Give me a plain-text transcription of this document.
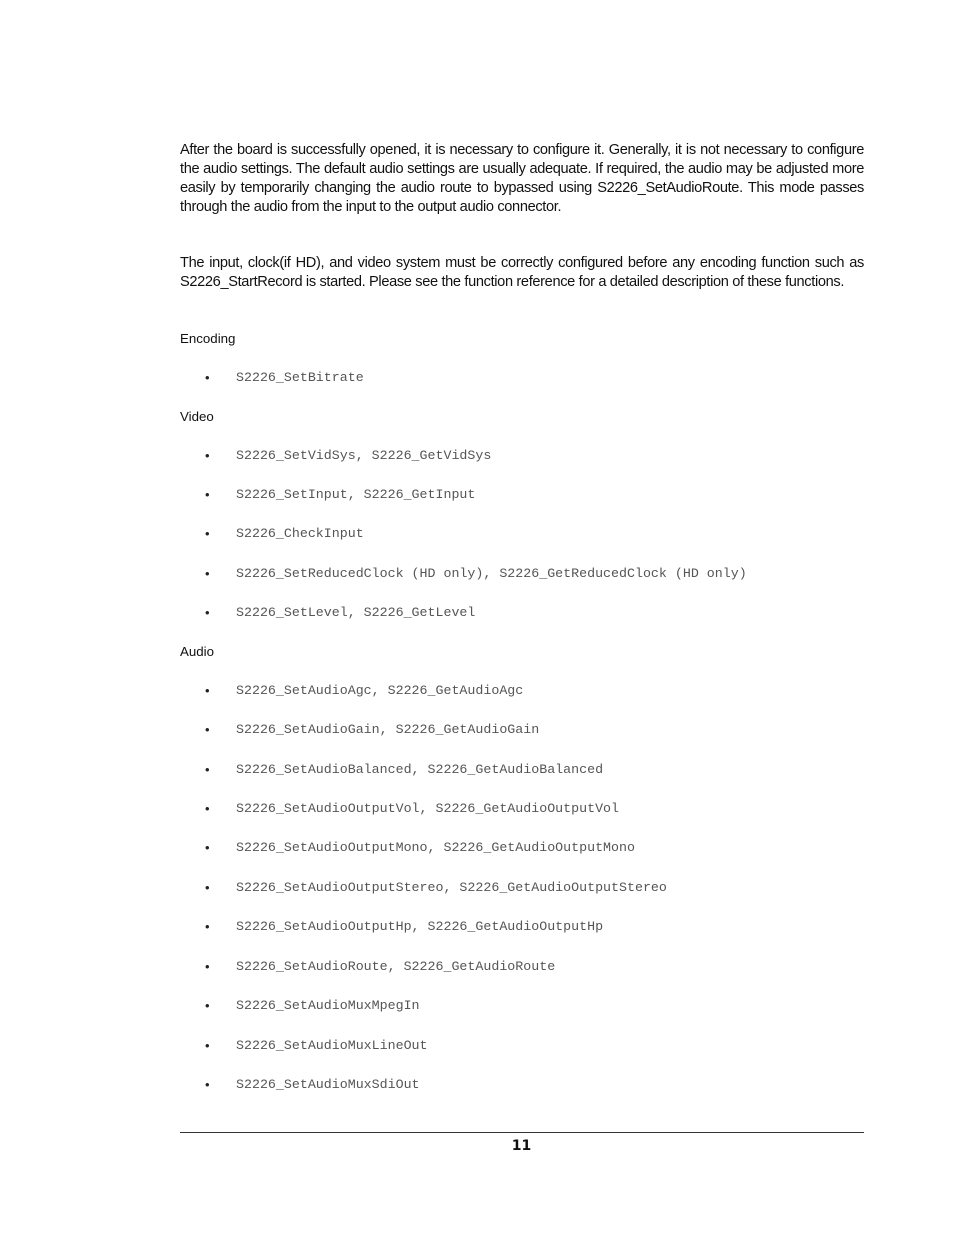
After the board is successfully opened, it is necessary to configure it. Generally, it is not necessary to configure the audio settings. The default audio settings are usually adequate. If required, the audio may be adjusted more easily by temporarily changing the audio route to bypassed using S2226_SetAudioRoute. This mode passes through the audio from the input to the output audio connector.

The input, clock(if HD), and video system must be correctly configured before any encoding function such as S2226_StartRecord is started. Please see the function reference for a detailed description of these functions.

Encoding
•	S2226_SetBitrate
Video
•	S2226_SetVidSys, S2226_GetVidSys
•	S2226_SetInput, S2226_GetInput
•	S2226_CheckInput
•	S2226_SetReducedClock (HD only), S2226_GetReducedClock (HD only)
•	S2226_SetLevel, S2226_GetLevel
Audio
•	S2226_SetAudioAgc, S2226_GetAudioAgc
•	S2226_SetAudioGain, S2226_GetAudioGain
•	S2226_SetAudioBalanced, S2226_GetAudioBalanced
•	S2226_SetAudioOutputVol, S2226_GetAudioOutputVol
•	S2226_SetAudioOutputMono, S2226_GetAudioOutputMono
•	S2226_SetAudioOutputStereo, S2226_GetAudioOutputStereo
•	S2226_SetAudioOutputHp, S2226_GetAudioOutputHp
•	S2226_SetAudioRoute, S2226_GetAudioRoute
•	S2226_SetAudioMuxMpegIn
•	S2226_SetAudioMuxLineOut
•	S2226_SetAudioMuxSdiOut
11
